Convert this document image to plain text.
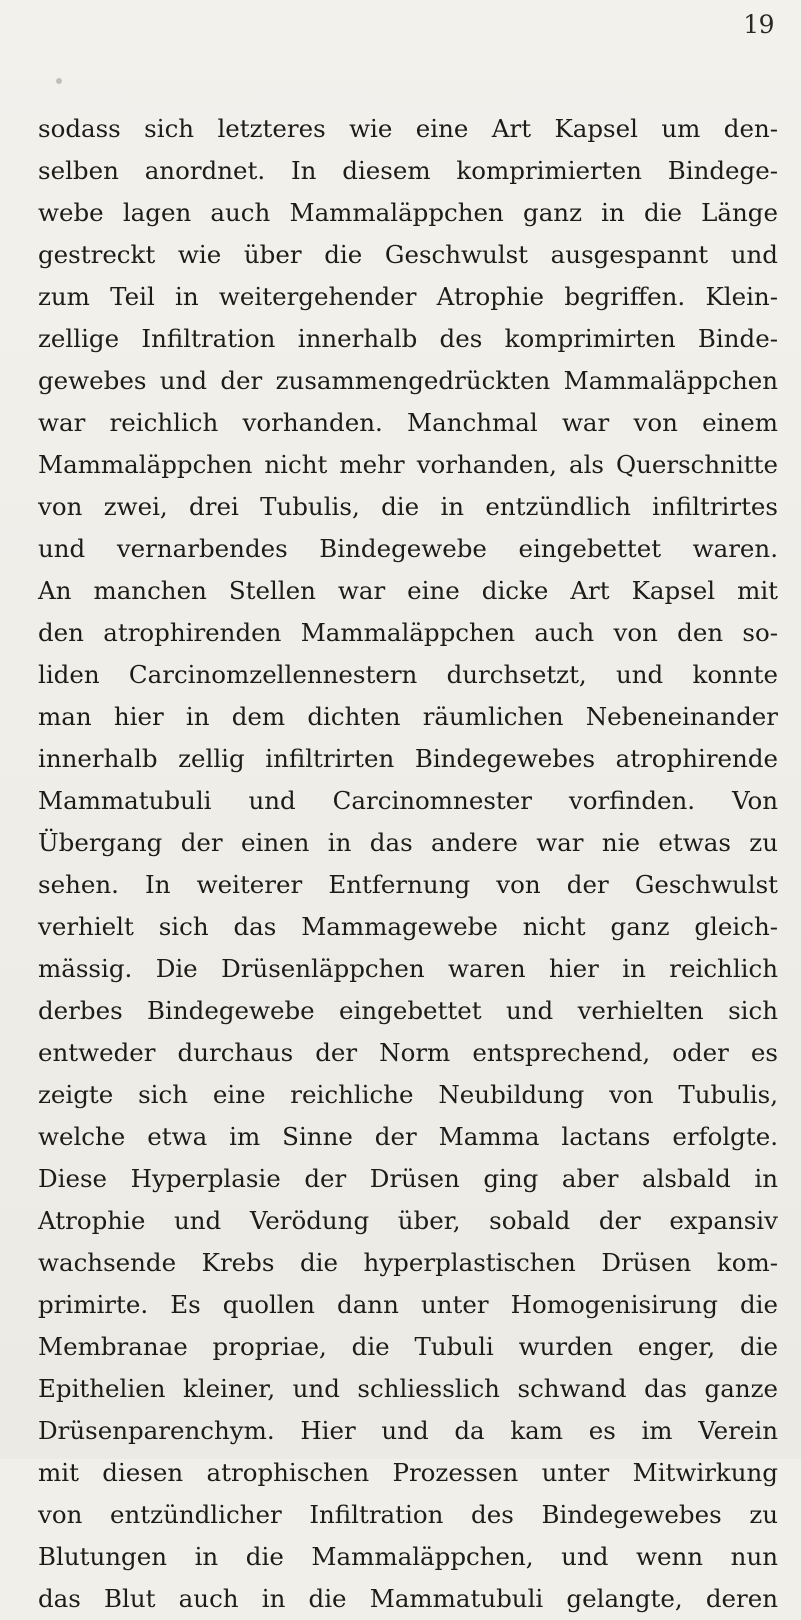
19
sodass sich letzteres wie eine Art Kapsel um den-
selben anordnet. In diesem komprimierten Bindege-
webe lagen auch Mammaläppchen ganz in die Länge
gestreckt wie über die Geschwulst ausgespannt und
zum Teil in weitergehender Atrophie begriffen. Klein-
zellige Infiltration innerhalb des komprimirten Binde-
gewebes und der zusammengedrückten Mammaläppchen
war reichlich vorhanden. Manchmal war von einem
Mammaläppchen nicht mehr vorhanden, als Querschnitte
von zwei, drei Tubulis, die in entzündlich infiltrirtes
und vernarbendes Bindegewebe eingebettet waren.
An manchen Stellen war eine dicke Art Kapsel mit
den atrophirenden Mammaläppchen auch von den so-
liden Carcinomzellennestern durchsetzt, und konnte
man hier in dem dichten räumlichen Nebeneinander
innerhalb zellig infiltrirten Bindegewebes atrophirende
Mammatubuli und Carcinomnester vorfinden. Von
Übergang der einen in das andere war nie etwas zu
sehen. In weiterer Entfernung von der Geschwulst
verhielt sich das Mammagewebe nicht ganz gleich-
mässig. Die Drüsenläppchen waren hier in reichlich
derbes Bindegewebe eingebettet und verhielten sich
entweder durchaus der Norm entsprechend, oder es
zeigte sich eine reichliche Neubildung von Tubulis,
welche etwa im Sinne der Mamma lactans erfolgte.
Diese Hyperplasie der Drüsen ging aber alsbald in
Atrophie und Verödung über, sobald der expansiv
wachsende Krebs die hyperplastischen Drüsen kom-
primirte. Es quollen dann unter Homogenisirung die
Membranae propriae, die Tubuli wurden enger, die
Epithelien kleiner, und schliesslich schwand das ganze
Drüsenparenchym. Hier und da kam es im Verein
mit diesen atrophischen Prozessen unter Mitwirkung
von entzündlicher Infiltration des Bindegewebes zu
Blutungen in die Mammaläppchen, und wenn nun
das Blut auch in die Mammatubuli gelangte, deren
